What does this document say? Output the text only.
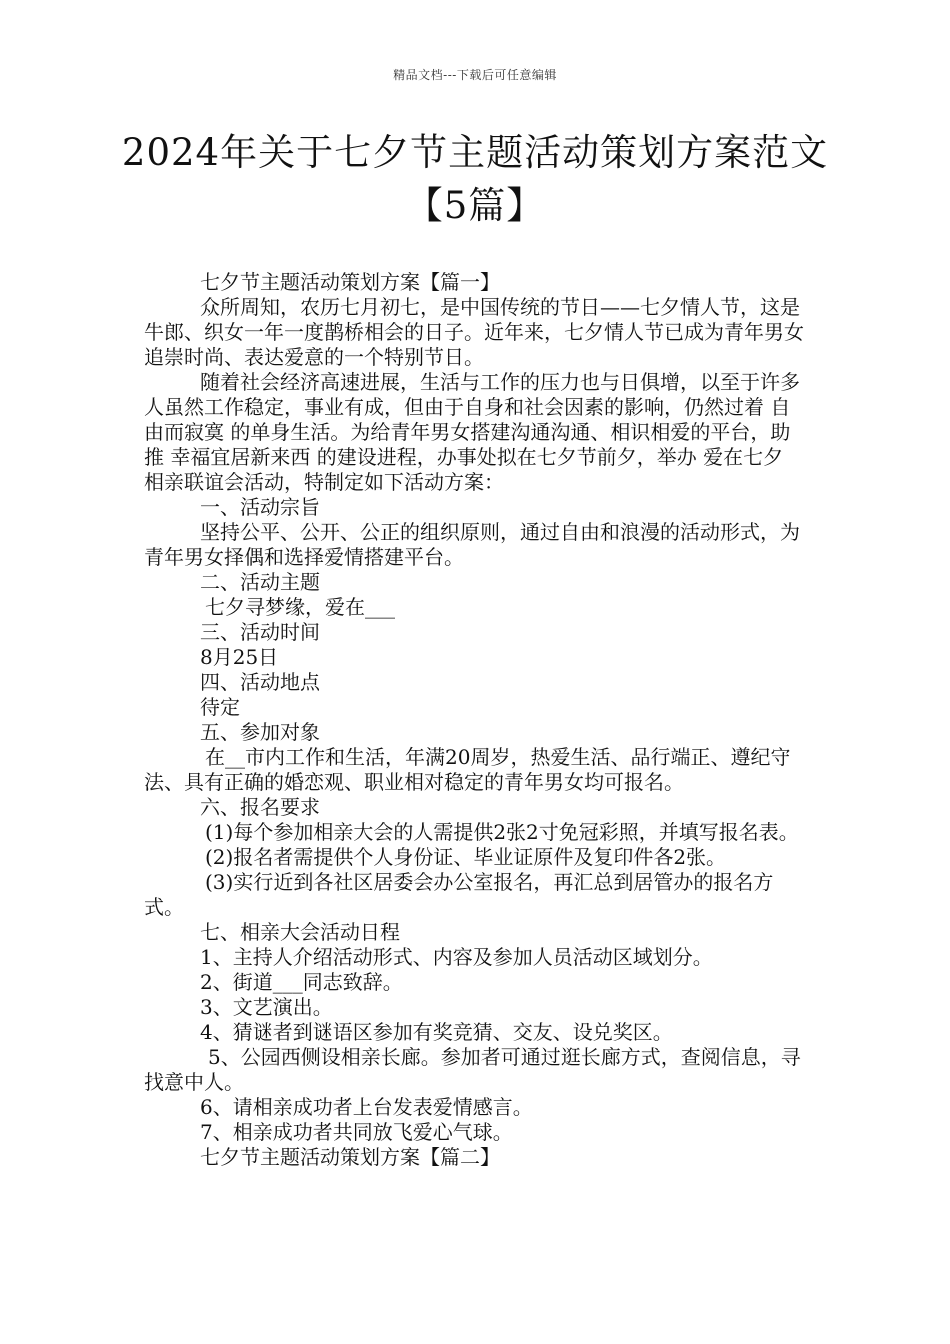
精品文档---下载后可任意编辑
2024年关于七夕节主题活动策划方案范文
【5篇】

七夕节主题活动策划方案【篇一】

众所周知，农历七月初七，是中国传统的节日——七夕情人节，这是牛郎、织女一年一度鹊桥相会的日子。近年来，七夕情人节已成为青年男女追崇时尚、表达爱意的一个特别节日。

随着社会经济高速进展，生活与工作的压力也与日俱增，以至于许多人虽然工作稳定，事业有成，但由于自身和社会因素的影响，仍然过着 自由而寂寞 的单身生活。为给青年男女搭建沟通沟通、相识相爱的平台，助推 幸福宜居新来西 的建设进程，办事处拟在七夕节前夕，举办 爱在七夕 相亲联谊会活动，特制定如下活动方案：

一、活动宗旨

坚持公平、公开、公正的组织原则，通过自由和浪漫的活动形式，为青年男女择偶和选择爱情搭建平台。

二、活动主题

七夕寻梦缘，爱在___

三、活动时间

8月25日

四、活动地点

待定

五、参加对象

在__市内工作和生活，年满20周岁，热爱生活、品行端正、遵纪守法、具有正确的婚恋观、职业相对稳定的青年男女均可报名。

六、报名要求

(1)每个参加相亲大会的人需提供2张2寸免冠彩照，并填写报名表。

(2)报名者需提供个人身份证、毕业证原件及复印件各2张。

(3)实行近到各社区居委会办公室报名，再汇总到居管办的报名方式。

七、相亲大会活动日程

1、主持人介绍活动形式、内容及参加人员活动区域划分。

2、街道___同志致辞。

3、文艺演出。

4、猜谜者到谜语区参加有奖竞猜、交友、设兑奖区。

5、公园西侧设相亲长廊。参加者可通过逛长廊方式，查阅信息，寻找意中人。

6、请相亲成功者上台发表爱情感言。

7、相亲成功者共同放飞爱心气球。

七夕节主题活动策划方案【篇二】
